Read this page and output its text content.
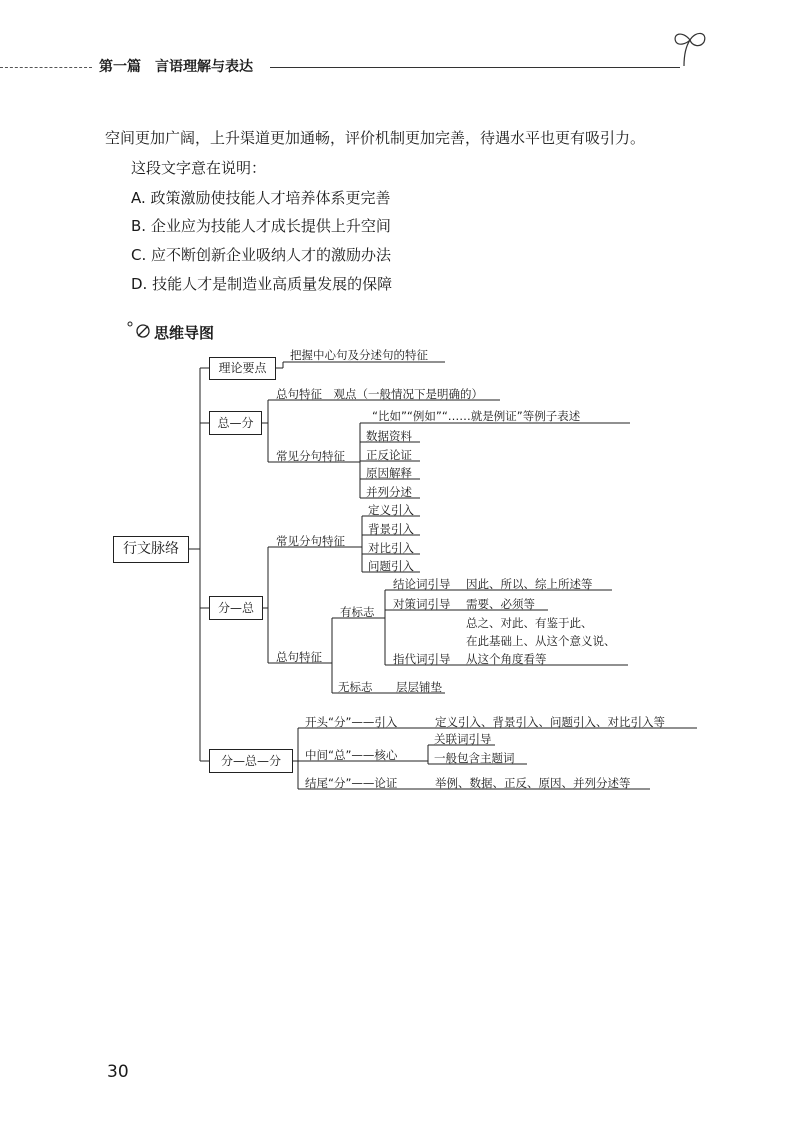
第一篇　言语理解与表达
空间更加广阔，上升渠道更加通畅，评价机制更加完善，待遇水平也更有吸引力。
这段文字意在说明：
A. 政策激励使技能人才培养体系更完善
B. 企业应为技能人才成长提供上升空间
C. 应不断创新企业吸纳人才的激励办法
D. 技能人才是制造业高质量发展的保障
思维导图
行文脉络
理论要点
总—分
分—总
分—总—分
把握中心句及分述句的特征
总句特征　观点（一般情况下是明确的）
常见分句特征
“比如”“例如”“……就是例证”等例子表述
数据资料
正反论证
原因解释
并列分述
常见分句特征
定义引入
背景引入
对比引入
问题引入
总句特征
有标志
结论词引导 因此、所以、综上所述等
对策词引导 需要、必须等
总之、对此、有鉴于此、
在此基础上、从这个意义说、
指代词引导 从这个角度看等
无标志 层层铺垫
开头“分”——引入	定义引入、背景引入、问题引入、对比引入等
中间“总”——核心
关联词引导
一般包含主题词
结尾“分”——论证	举例、数据、正反、原因、并列分述等
30
